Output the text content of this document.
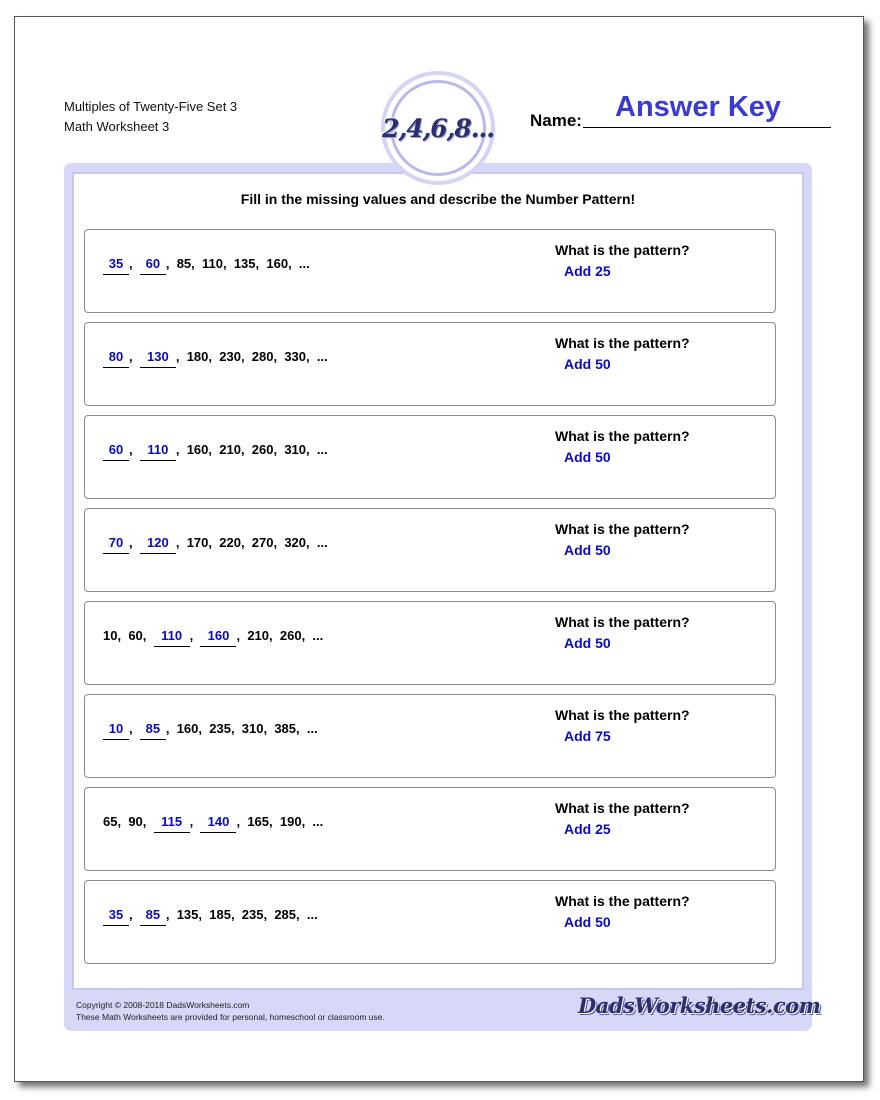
Multiples of Twenty-Five Set 3
Math Worksheet 3	2,4,6,8... Name: Answer Key
Fill in the missing values and describe the Number Pattern!
35 , 60 , 85 , 110 , 135 , 160 , ...
What is the pattern?
Add 25
80 , 130 , 180 , 230 , 280 , 330 , ...
What is the pattern?
Add 50
60 , 110 , 160 , 210 , 260 , 310 , ...
What is the pattern?
Add 50
70 , 120 , 170 , 220 , 270 , 320 , ...
What is the pattern?
Add 50
10 , 60 , 110 , 160 , 210 , 260 , ...
What is the pattern?
Add 50
10 , 85 , 160 , 235 , 310 , 385 , ...
What is the pattern?
Add 75
65 , 90 , 115 , 140 , 165 , 190 , ...
What is the pattern?
Add 25
35 , 85 , 135 , 185 , 235 , 285 , ...
What is the pattern?
Add 50
Copyright © 2008-2018 DadsWorksheets.com
These Math Worksheets are provided for personal, homeschool or classroom use.	DadsWorksheets.com
